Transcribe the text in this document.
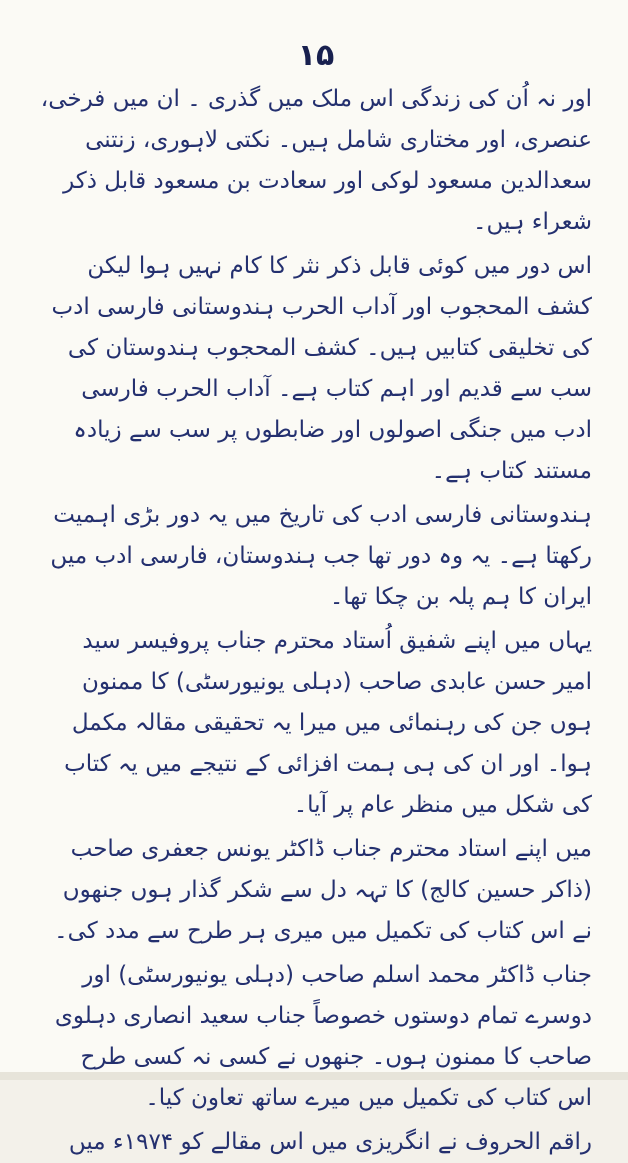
۱۵

اور نہ اُن کی زندگی اس ملک میں گذری ۔ ان میں فرخی، عنصری، اور مختاری شامل ہیں۔ نکتی لاہوری، زنتنی سعدالدین مسعود لوکی اور سعادت بن مسعود قابل ذکر شعراء ہیں۔

اس دور میں کوئی قابل ذکر نثر کا کام نہیں ہوا لیکن کشف المحجوب اور آداب الحرب ہندوستانی فارسی ادب کی تخلیقی کتابیں ہیں۔ کشف المحجوب ہندوستان کی سب سے قدیم اور اہم کتاب ہے۔ آداب الحرب فارسی ادب میں جنگی اصولوں اور ضابطوں پر سب سے زیادہ مستند کتاب ہے۔

ہندوستانی فارسی ادب کی تاریخ میں یہ دور بڑی اہمیت رکھتا ہے۔ یہ وہ دور تھا جب ہندوستان، فارسی ادب میں ایران کا ہم پلہ بن چکا تھا۔

یہاں میں اپنے شفیق اُستاد محترم جناب پروفیسر سید امیر حسن عابدی صاحب (دہلی یونیورسٹی) کا ممنون ہوں جن کی رہنمائی میں میرا یہ تحقیقی مقالہ مکمل ہوا۔ اور ان کی ہی ہمت افزائی کے نتیجے میں یہ کتاب کی شکل میں منظر عام پر آیا۔

میں اپنے استاد محترم جناب ڈاکٹر یونس جعفری صاحب (ذاکر حسین کالج) کا تہہ دل سے شکر گذار ہوں جنھوں نے اس کتاب کی تکمیل میں میری ہر طرح سے مدد کی۔

جناب ڈاکٹر محمد اسلم صاحب (دہلی یونیورسٹی) اور دوسرے تمام دوستوں خصوصاً جناب سعید انصاری دہلوی صاحب کا ممنون ہوں۔ جنھوں نے کسی نہ کسی طرح اس کتاب کی تکمیل میں میرے ساتھ تعاون کیا۔

راقم الحروف نے انگریزی میں اس مقالے کو ۱۹۷۴ء میں
